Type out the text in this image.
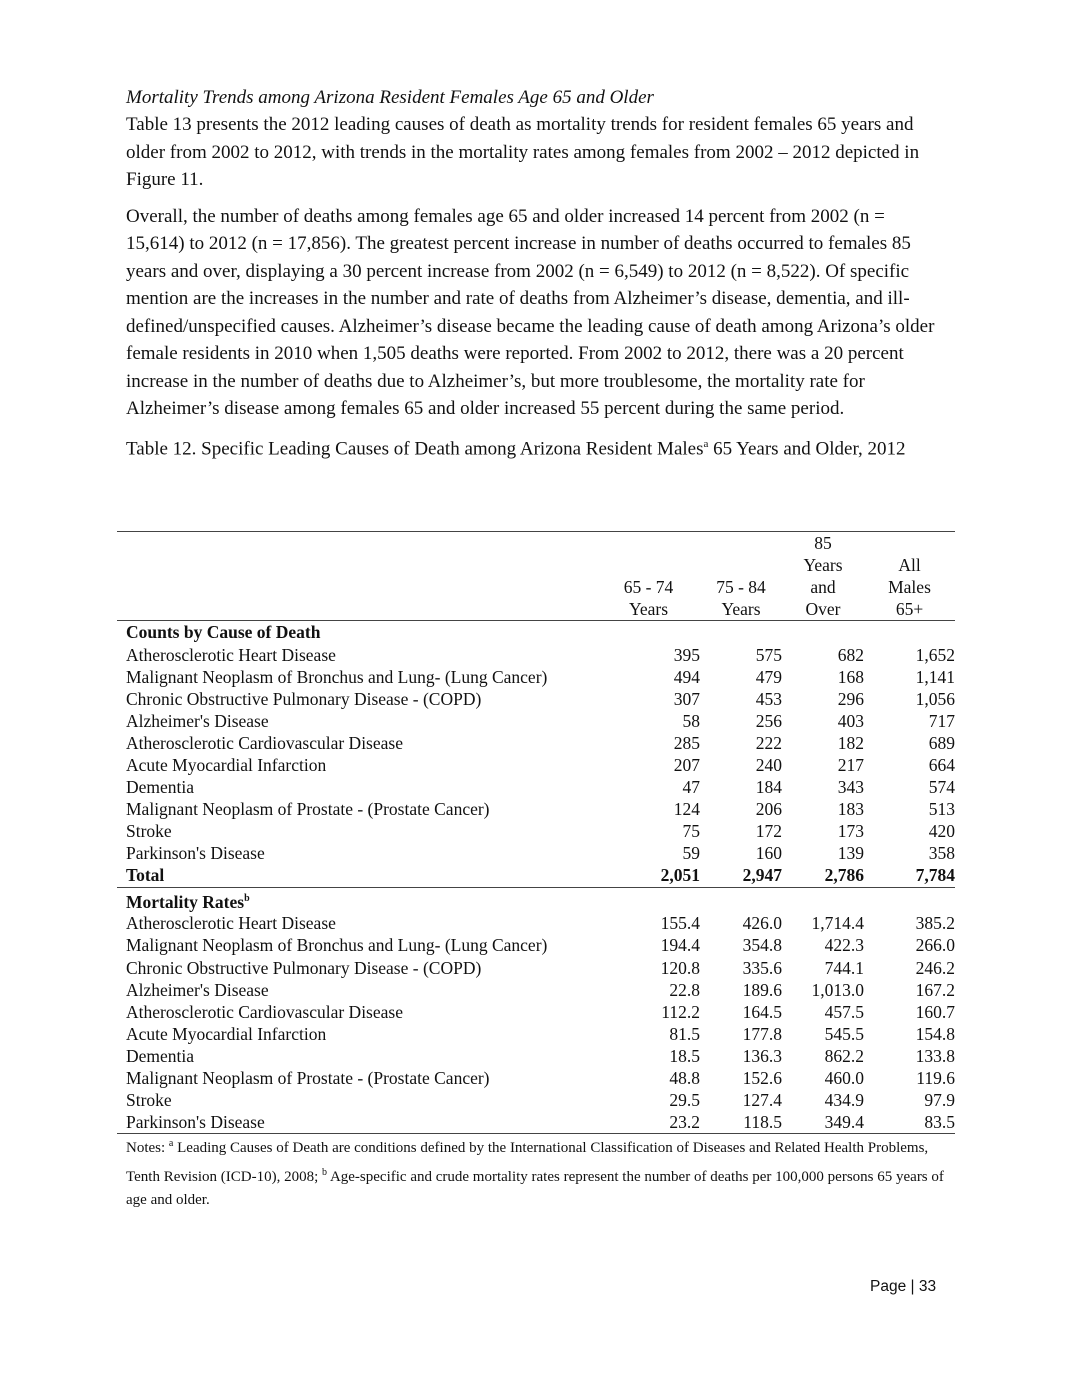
Mortality Trends among Arizona Resident Females Age 65 and Older

Table 13 presents the 2012 leading causes of death as mortality trends for resident females 65 years and older from 2002 to 2012, with trends in the mortality rates among females from 2002 – 2012 depicted in Figure 11.

Overall, the number of deaths among females age 65 and older increased 14 percent from 2002 (n = 15,614) to 2012 (n = 17,856). The greatest percent increase in number of deaths occurred to females 85 years and over, displaying a 30 percent increase from 2002 (n = 6,549) to 2012 (n = 8,522). Of specific mention are the increases in the number and rate of deaths from Alzheimer’s disease, dementia, and ill-defined/unspecified causes. Alzheimer’s disease became the leading cause of death among Arizona’s older female residents in 2010 when 1,505 deaths were reported. From 2002 to 2012, there was a 20 percent increase in the number of deaths due to Alzheimer’s, but more troublesome, the mortality rate for Alzheimer’s disease among females 65 and older increased 55 percent during the same period.

Table 12. Specific Leading Causes of Death among Arizona Resident Males$^a$ 65 Years and Older, 2012

			85	
			Years	All
	65 - 74	75 - 84	and	Males
	Years	Years	Over	65+
Counts by Cause of Death				
Atherosclerotic Heart Disease	395	575	682	1,652
Malignant Neoplasm of Bronchus and Lung- (Lung Cancer)	494	479	168	1,141
Chronic Obstructive Pulmonary Disease - (COPD)	307	453	296	1,056
Alzheimer's Disease	58	256	403	717
Atherosclerotic Cardiovascular Disease	285	222	182	689
Acute Myocardial Infarction	207	240	217	664
Dementia	47	184	343	574
Malignant Neoplasm of Prostate - (Prostate Cancer)	124	206	183	513
Stroke	75	172	173	420
Parkinson's Disease	59	160	139	358
Total	2,051	2,947	2,786	7,784
Mortality Rates$^b$
Atherosclerotic Heart Disease	155.4	426.0	1,714.4	385.2
Malignant Neoplasm of Bronchus and Lung- (Lung Cancer)	194.4	354.8	422.3	266.0
Chronic Obstructive Pulmonary Disease - (COPD)	120.8	335.6	744.1	246.2
Alzheimer's Disease	22.8	189.6	1,013.0	167.2
Atherosclerotic Cardiovascular Disease	112.2	164.5	457.5	160.7
Acute Myocardial Infarction	81.5	177.8	545.5	154.8
Dementia	18.5	136.3	862.2	133.8
Malignant Neoplasm of Prostate - (Prostate Cancer)	48.8	152.6	460.0	119.6
Stroke	29.5	127.4	434.9	97.9
Parkinson's Disease	23.2	118.5	349.4	83.5
Notes: $^a$ Leading Causes of Death are conditions defined by the International Classification of Diseases and Related Health Problems, Tenth Revision (ICD-10), 2008; $^b$ Age-specific and crude mortality rates represent the number of deaths per 100,000 persons 65 years of age and older.
Page | 33
